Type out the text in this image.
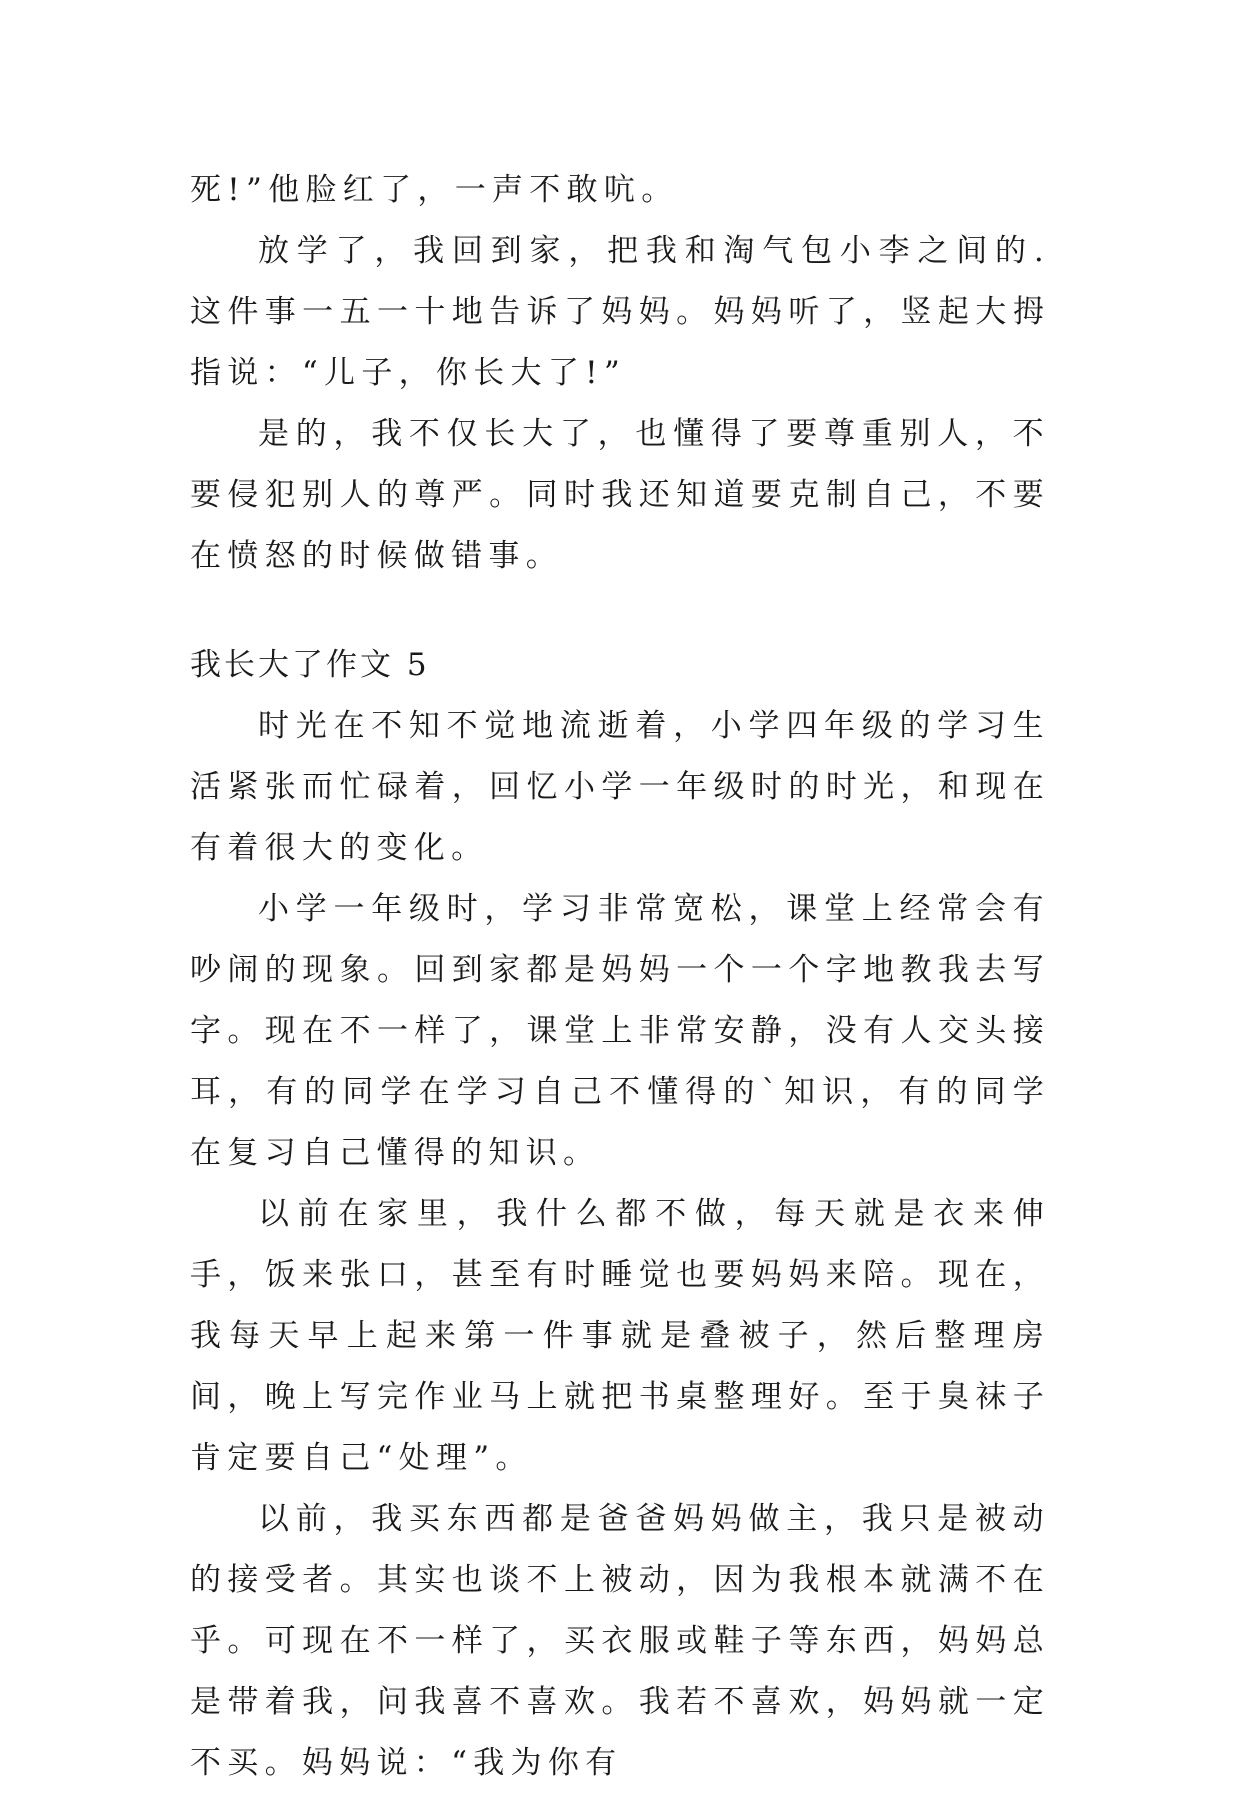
死!”他脸红了，一声不敢吭。

放学了，我回到家，把我和淘气包小李之间的.这件事一五一十地告诉了妈妈。妈妈听了，竖起大拇指说：“儿子，你长大了!”

是的，我不仅长大了，也懂得了要尊重别人，不要侵犯别人的尊严。同时我还知道要克制自己，不要在愤怒的时候做错事。

我长大了作文 5

时光在不知不觉地流逝着，小学四年级的学习生活紧张而忙碌着，回忆小学一年级时的时光，和现在有着很大的变化。

小学一年级时，学习非常宽松，课堂上经常会有吵闹的现象。回到家都是妈妈一个一个字地教我去写字。现在不一样了，课堂上非常安静，没有人交头接耳，有的同学在学习自己不懂得的`知识，有的同学在复习自己懂得的知识。

以前在家里，我什么都不做，每天就是衣来伸手，饭来张口，甚至有时睡觉也要妈妈来陪。现在，我每天早上起来第一件事就是叠被子，然后整理房间，晚上写完作业马上就把书桌整理好。至于臭袜子肯定要自己“处理”。

以前，我买东西都是爸爸妈妈做主，我只是被动的接受者。其实也谈不上被动，因为我根本就满不在乎。可现在不一样了，买衣服或鞋子等东西，妈妈总是带着我，问我喜不喜欢。我若不喜欢，妈妈就一定不买。妈妈说：“我为你有
